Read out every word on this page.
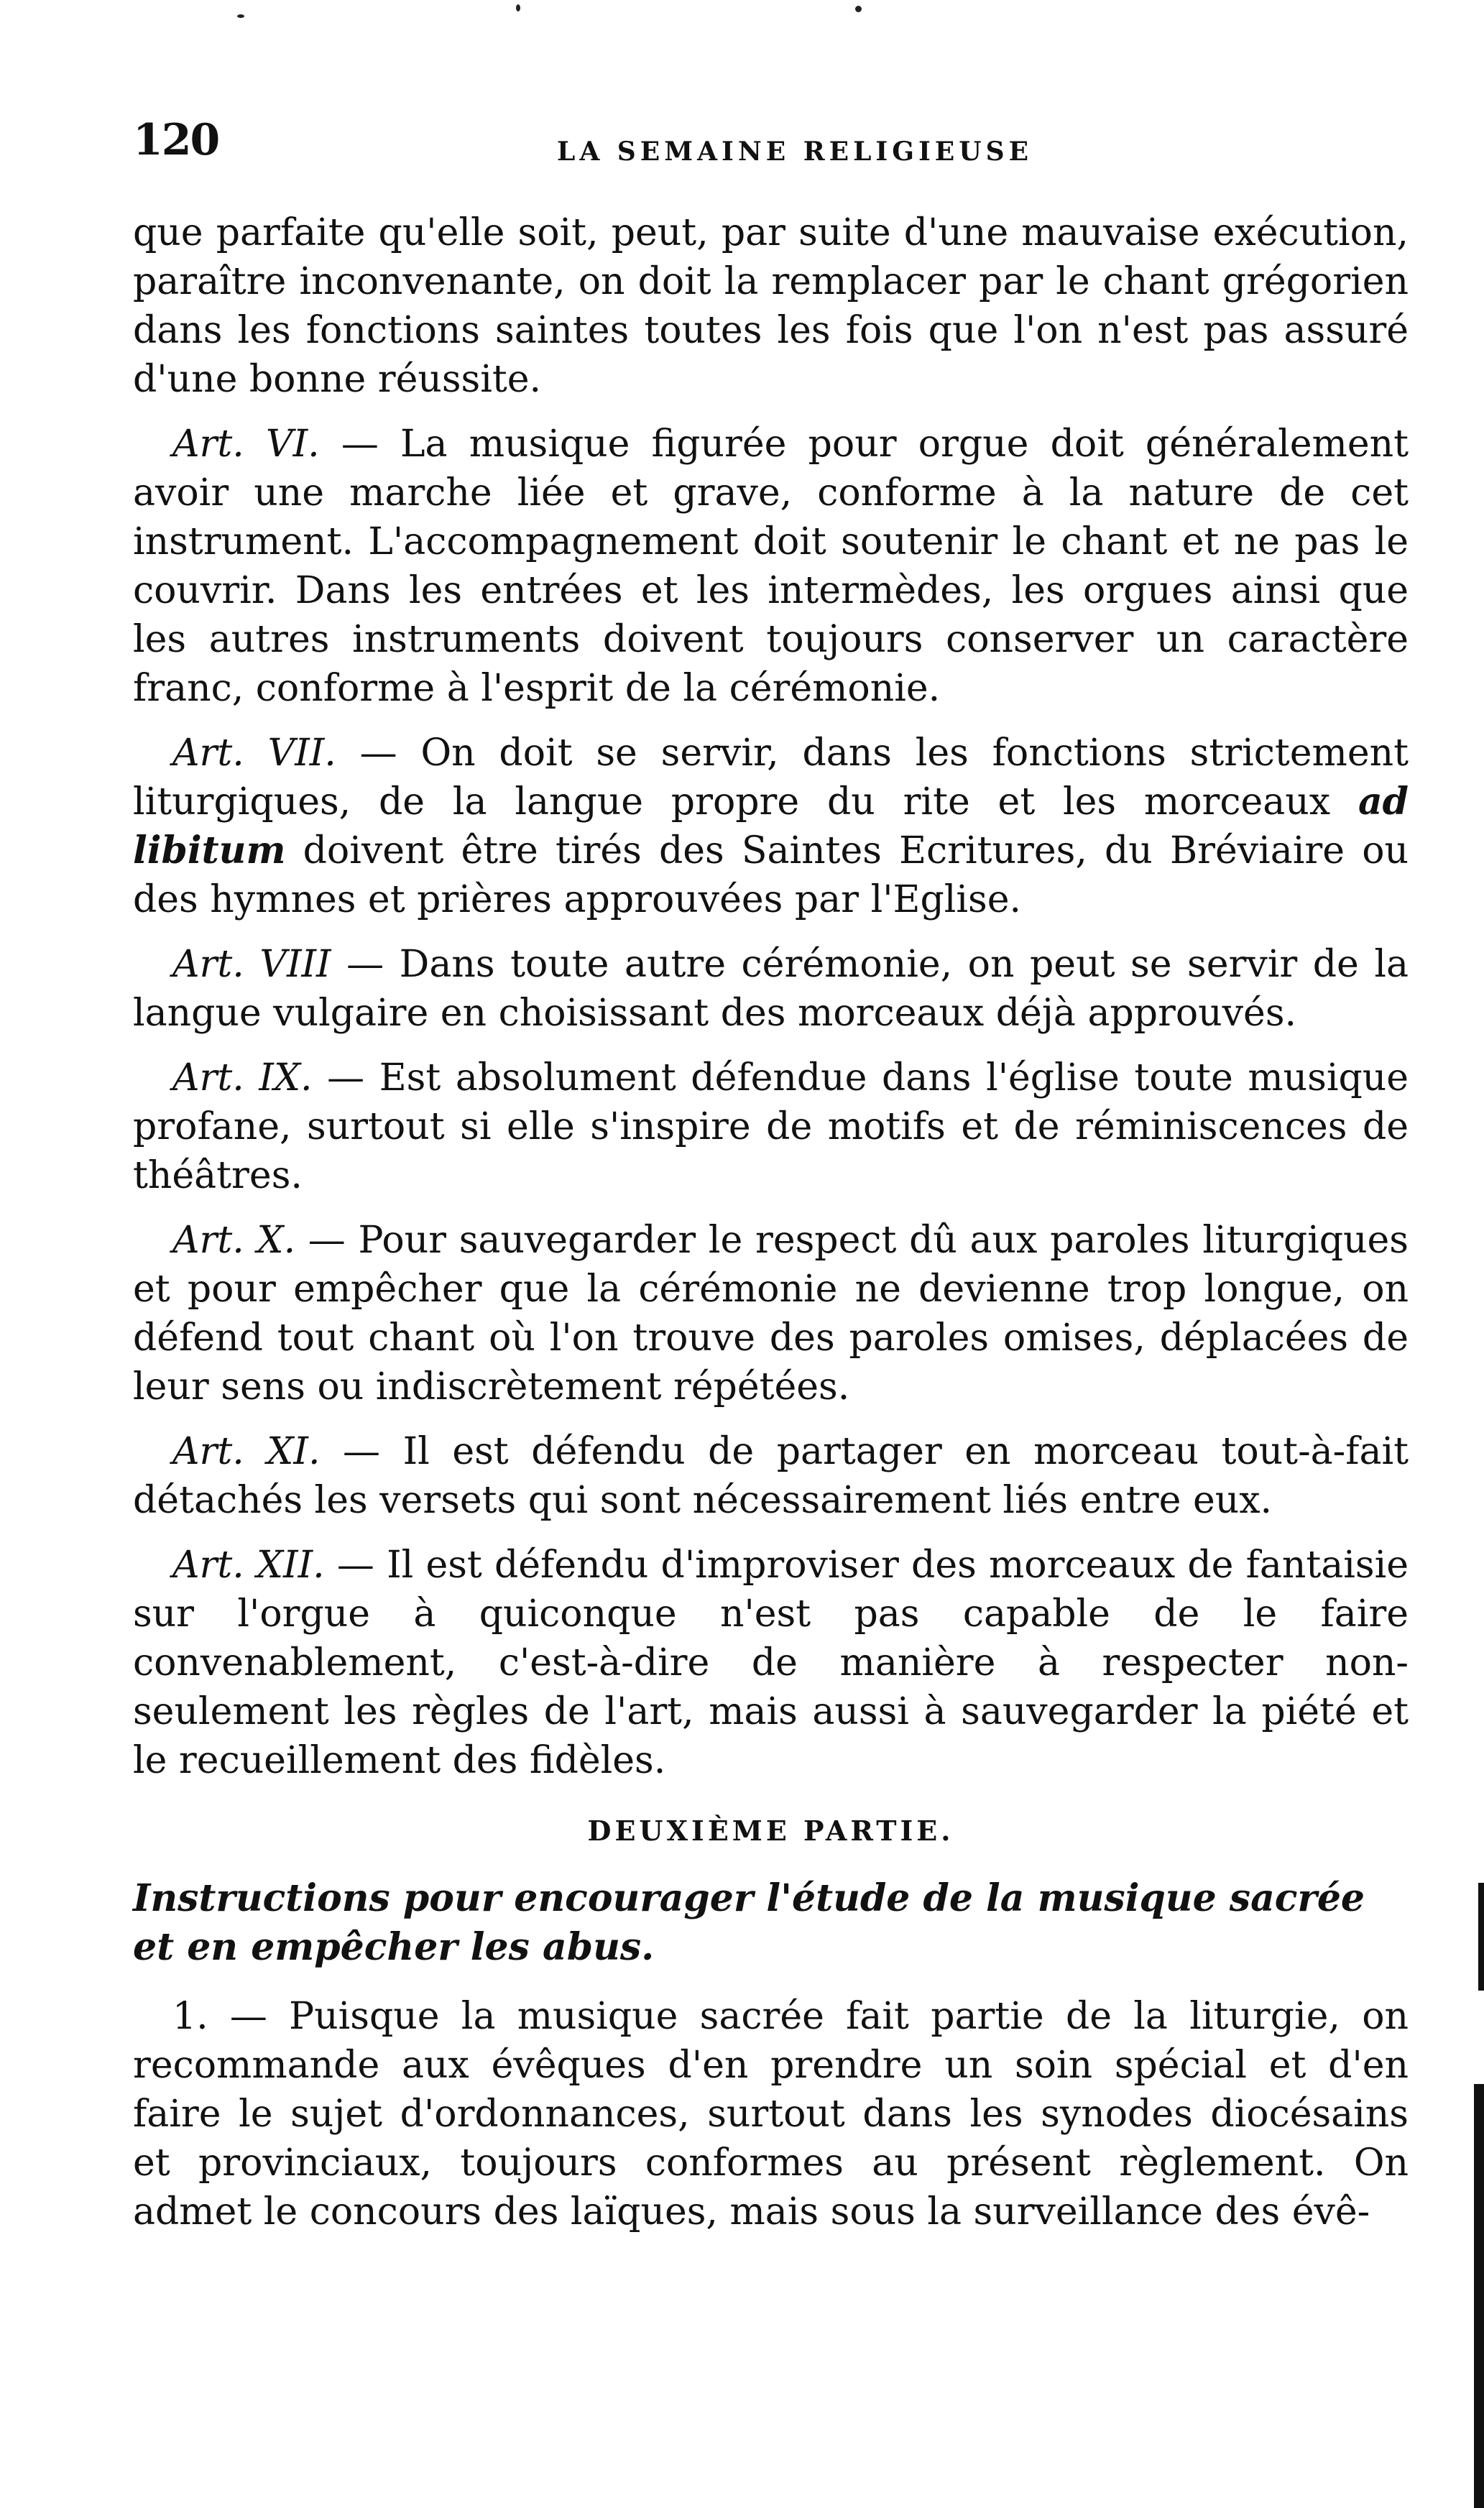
120	LA SEMAINE RELIGIEUSE

que parfaite qu'elle soit, peut, par suite d'une mauvaise exécution, paraître inconvenante, on doit la remplacer par le chant grégorien dans les fonctions saintes toutes les fois que l'on n'est pas assuré d'une bonne réussite.

Art. VI. — La musique figurée pour orgue doit généralement avoir une marche liée et grave, conforme à la nature de cet instrument. L'accompagnement doit soutenir le chant et ne pas le couvrir. Dans les entrées et les intermèdes, les orgues ainsi que les autres instruments doivent toujours conserver un caractère franc, conforme à l'esprit de la cérémonie.

Art. VII. — On doit se servir, dans les fonctions strictement liturgiques, de la langue propre du rite et les morceaux ad libitum doivent être tirés des Saintes Ecritures, du Bréviaire ou des hymnes et prières approuvées par l'Eglise.

Art. VIII — Dans toute autre cérémonie, on peut se servir de la langue vulgaire en choisissant des morceaux déjà approuvés.

Art. IX. — Est absolument défendue dans l'église toute musique profane, surtout si elle s'inspire de motifs et de réminiscences de théâtres.

Art. X. — Pour sauvegarder le respect dû aux paroles liturgiques et pour empêcher que la cérémonie ne devienne trop longue, on défend tout chant où l'on trouve des paroles omises, déplacées de leur sens ou indiscrètement répétées.

Art. XI. — Il est défendu de partager en morceau tout-à-fait détachés les versets qui sont nécessairement liés entre eux.

Art. XII. — Il est défendu d'improviser des morceaux de fantaisie sur l'orgue à quiconque n'est pas capable de le faire convenablement, c'est-à-dire de manière à respecter non-seulement les règles de l'art, mais aussi à sauvegarder la piété et le recueillement des fidèles.

DEUXIÈME PARTIE.

Instructions pour encourager l'étude de la musique sacrée et en empêcher les abus.

1. — Puisque la musique sacrée fait partie de la liturgie, on recommande aux évêques d'en prendre un soin spécial et d'en faire le sujet d'ordonnances, surtout dans les synodes diocésains et provinciaux, toujours conformes au présent règlement. On admet le concours des laïques, mais sous la surveillance des évê-
